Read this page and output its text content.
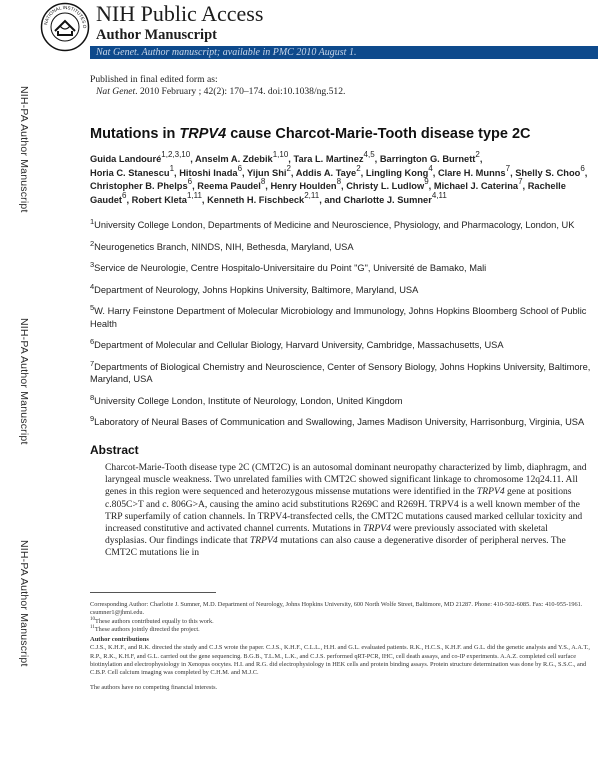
NIH-PA Author Manuscript
NIH-PA Author Manuscript
NIH-PA Author Manuscript
NATIONAL INSTITUTES O
NIH Public Access
Author Manuscript
Nat Genet. Author manuscript; available in PMC 2010 August 1.
Published in final edited form as:
Nat Genet. 2010 February ; 42(2): 170–174. doi:10.1038/ng.512.
Mutations in TRPV4 cause Charcot-Marie-Tooth disease type 2C
Guida Landouré$^{1,2,3,10}$, Anselm A. Zdebik$^{1,10}$, Tara L. Martinez$^{4,5}$, Barrington G. Burnett$^2$,
Horia C. Stanescu$^1$, Hitoshi Inada$^6$, Yijun Shi$^2$, Addis A. Taye$^2$, Lingling Kong$^4$, Clare H. Munns$^7$, Shelly S. Choo$^6$, Christopher B. Phelps$^6$, Reema Paudel$^8$, Henry Houlden$^8$, Christy L. Ludlow$^9$, Michael J. Caterina$^7$, Rachelle Gaudet$^6$, Robert Kleta$^{1,11}$, Kenneth H. Fischbeck$^{2,11}$, and Charlotte J. Sumner$^{4,11}$

$^1$University College London, Departments of Medicine and Neuroscience, Physiology, and Pharmacology, London, UK

$^2$Neurogenetics Branch, NINDS, NIH, Bethesda, Maryland, USA

$^3$Service de Neurologie, Centre Hospitalo-Universitaire du Point "G", Université de Bamako, Mali

$^4$Department of Neurology, Johns Hopkins University, Baltimore, Maryland, USA

$^5$W. Harry Feinstone Department of Molecular Microbiology and Immunology, Johns Hopkins Bloomberg School of Public Health

$^6$Department of Molecular and Cellular Biology, Harvard University, Cambridge, Massachusetts, USA

$^7$Departments of Biological Chemistry and Neuroscience, Center of Sensory Biology, Johns Hopkins University, Baltimore, Maryland, USA

$^8$University College London, Institute of Neurology, London, United Kingdom

$^9$Laboratory of Neural Bases of Communication and Swallowing, James Madison University, Harrisonburg, Virginia, USA

Abstract
Charcot-Marie-Tooth disease type 2C (CMT2C) is an autosomal dominant neuropathy characterized by limb, diaphragm, and laryngeal muscle weakness. Two unrelated families with CMT2C showed significant linkage to chromosome 12q24.11. All genes in this region were sequenced and heterozygous missense mutations were identified in the TRPV4 gene at positions c.805C>T and c. 806G>A, causing the amino acid substitutions R269C and R269H. TRPV4 is a well known member of the TRP superfamily of cation channels. In TRPV4-transfected cells, the CMT2C mutations caused marked cellular toxicity and increased constitutive and activated channel currents. Mutations in TRPV4 were previously associated with skeletal dysplasias. Our findings indicate that TRPV4 mutations can also cause a degenerative disorder of peripheral nerves. The CMT2C mutations lie in

Corresponding Author: Charlotte J. Sumner, M.D. Department of Neurology, Johns Hopkins University, 600 North Wolfe Street, Baltimore, MD 21287. Phone: 410-502-6085. Fax: 410-955-1961. csumner1@jhmi.edu.

$^{10}$These authors contributed equally to this work.

$^{11}$These authors jointly directed the project.

Author contributions

C.J.S., K.H.F., and R.K. directed the study and C.J.S wrote the paper. C.J.S., K.H.F., C.L.L., H.H. and G.L. evaluated patients. R.K., H.C.S., K.H.F. and G.L. did the genetic analysis and Y.S., A.A.T., R.P., R.K., K.H.F, and G.L. carried out the gene sequencing. B.G.B., T.L.M., L.K., and C.J.S. performed qRT-PCR, IHC, cell death assays, and co-IP experiments. A.A.Z. completed cell surface biotinylation and electrophysiology in Xenopus oocytes. H.I. and R.G. did electrophysiology in HEK cells and protein binding assays. Protein structure determination was done by R.G., S.S.C., and C.B.P. Cell calcium imaging was completed by C.H.M. and M.J.C.

The authors have no competing financial interests.
